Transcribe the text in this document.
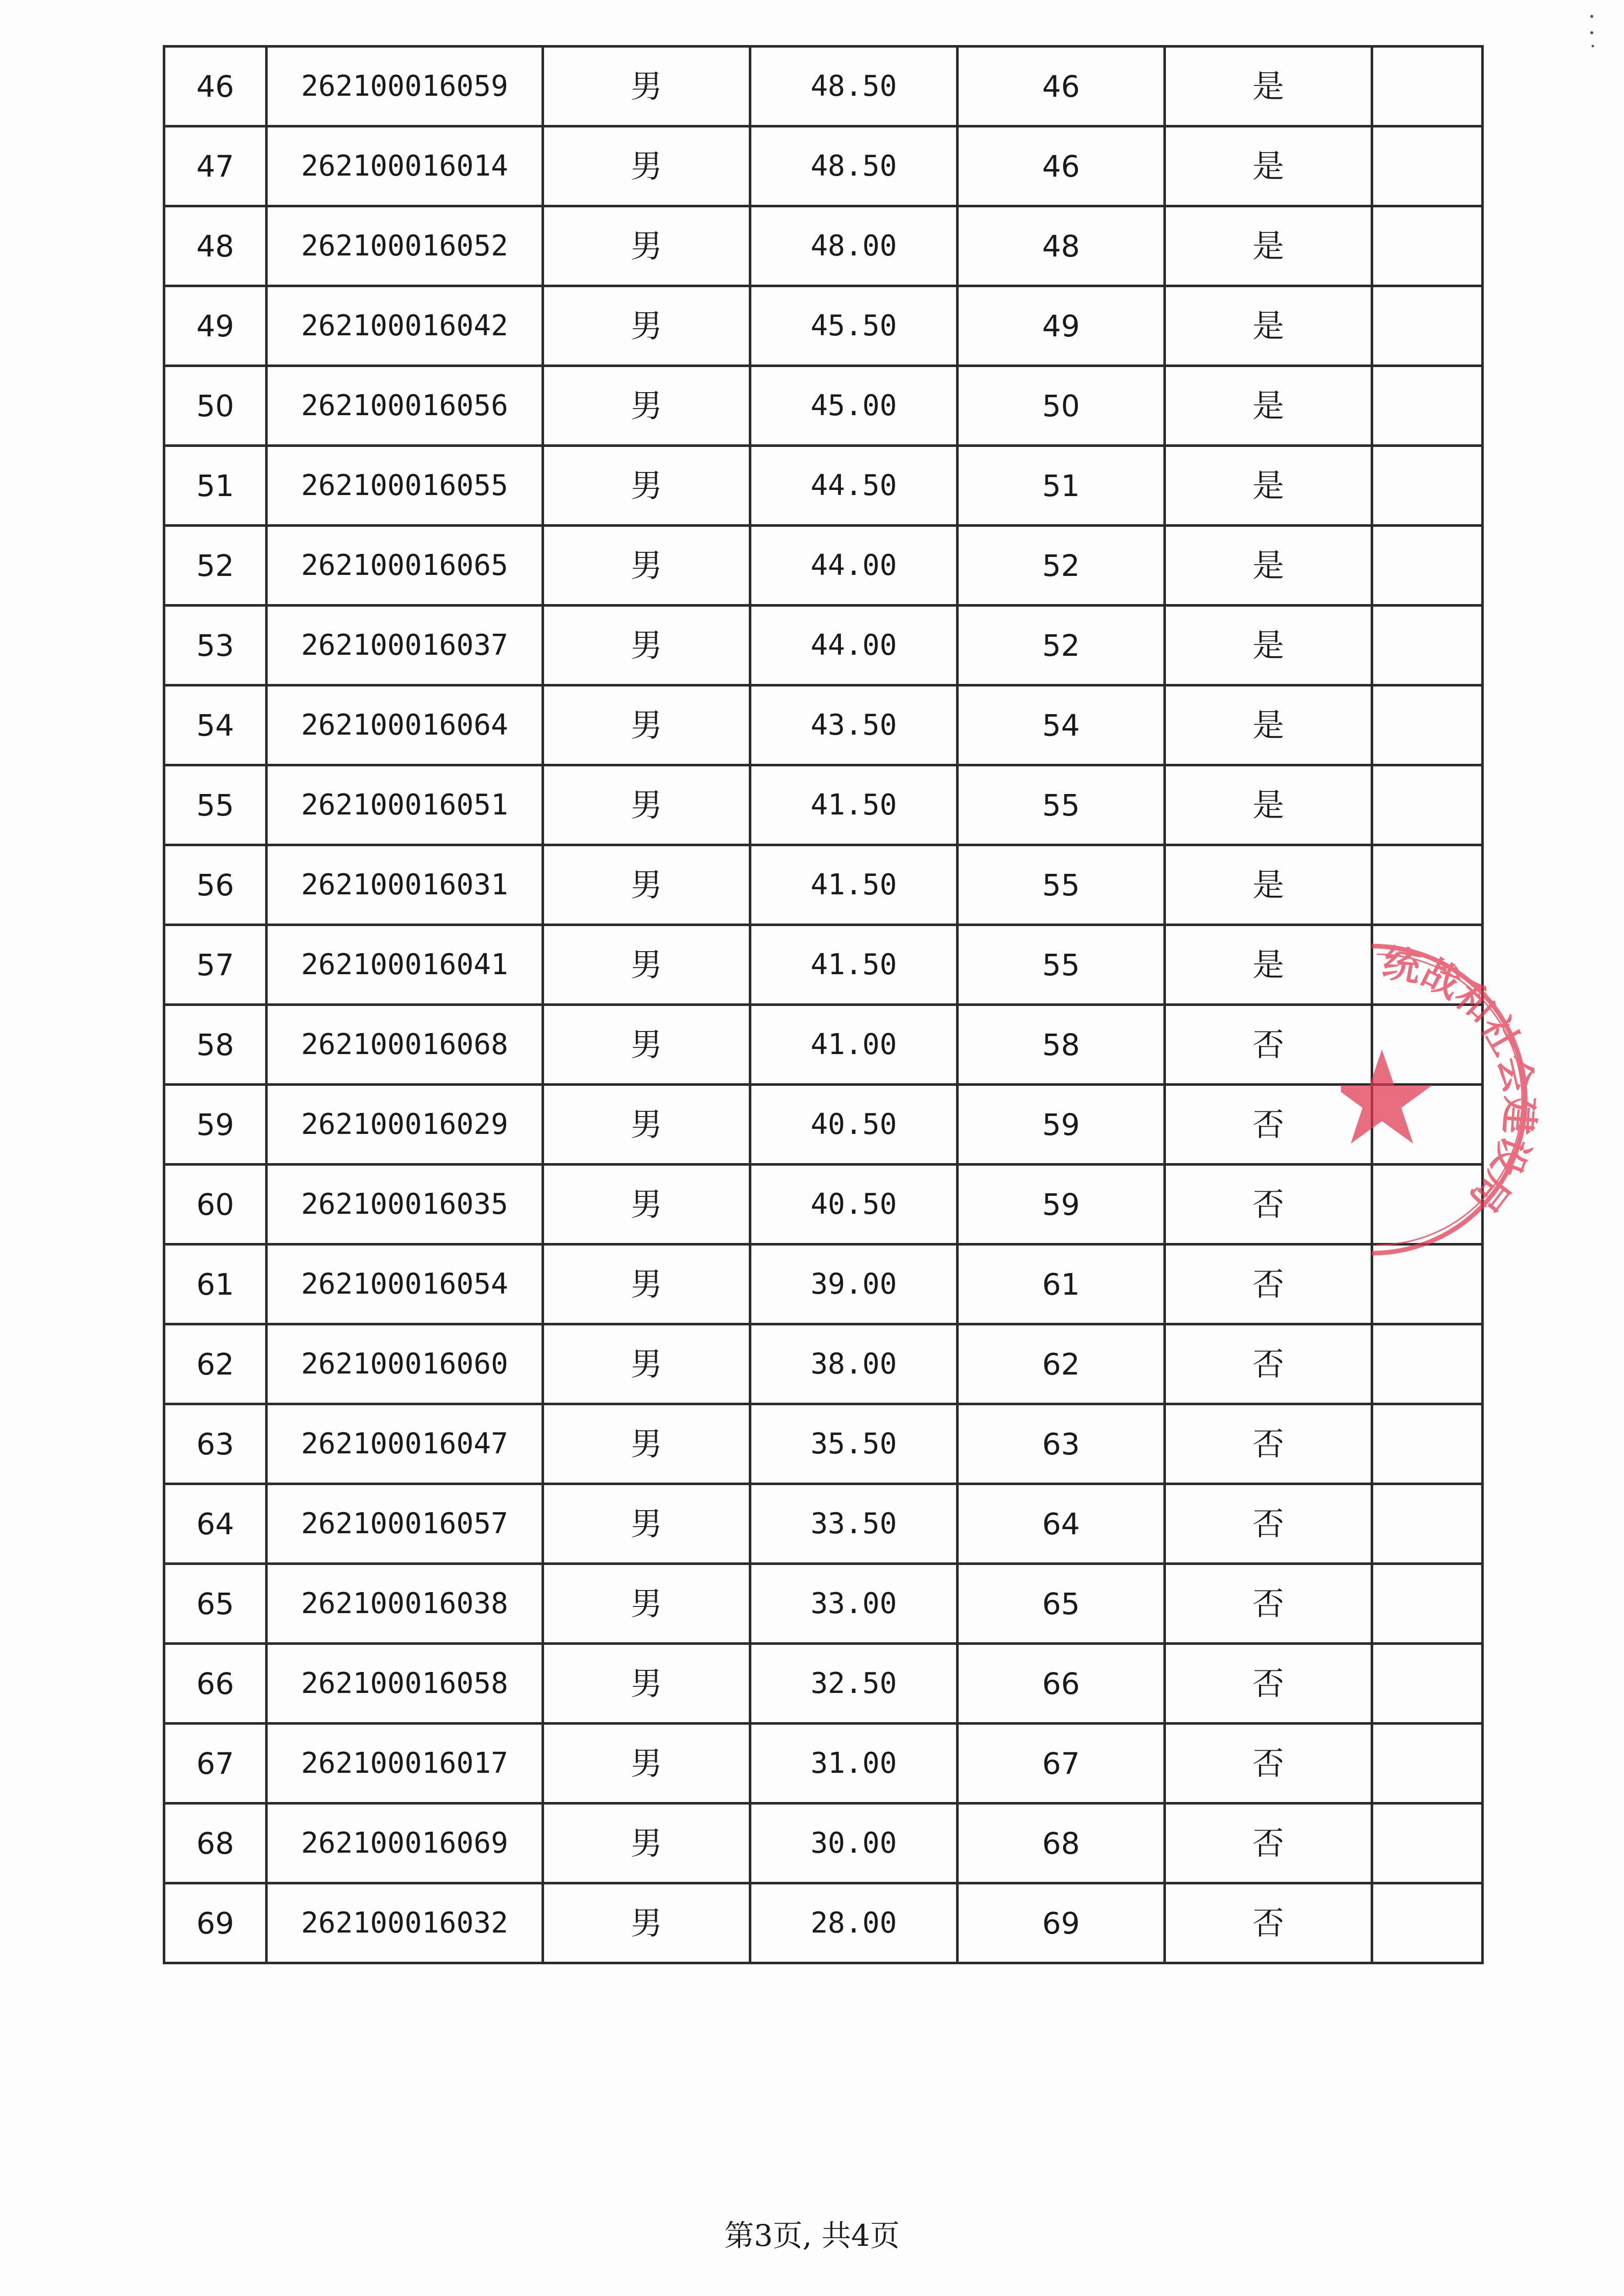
46	262100016059	男	48.50	46	是	
47	262100016014	男	48.50	46	是	
48	262100016052	男	48.00	48	是	
49	262100016042	男	45.50	49	是	
50	262100016056	男	45.00	50	是	
51	262100016055	男	44.50	51	是	
52	262100016065	男	44.00	52	是	
53	262100016037	男	44.00	52	是	
54	262100016064	男	43.50	54	是	
55	262100016051	男	41.50	55	是	
56	262100016031	男	41.50	55	是	
57	262100016041	男	41.50	55	是	
58	262100016068	男	41.00	58	否	
59	262100016029	男	40.50	59	否	
60	262100016035	男	40.50	59	否	
61	262100016054	男	39.00	61	否	
62	262100016060	男	38.00	62	否	
63	262100016047	男	35.50	63	否	
64	262100016057	男	33.50	64	否	
65	262100016038	男	33.00	65	否	
66	262100016058	男	32.50	66	否	
67	262100016017	男	31.00	67	否	
68	262100016069	男	30.00	68	否	
69	262100016032	男	28.00	69	否	
统战和社会建设局
第3页, 共4页
